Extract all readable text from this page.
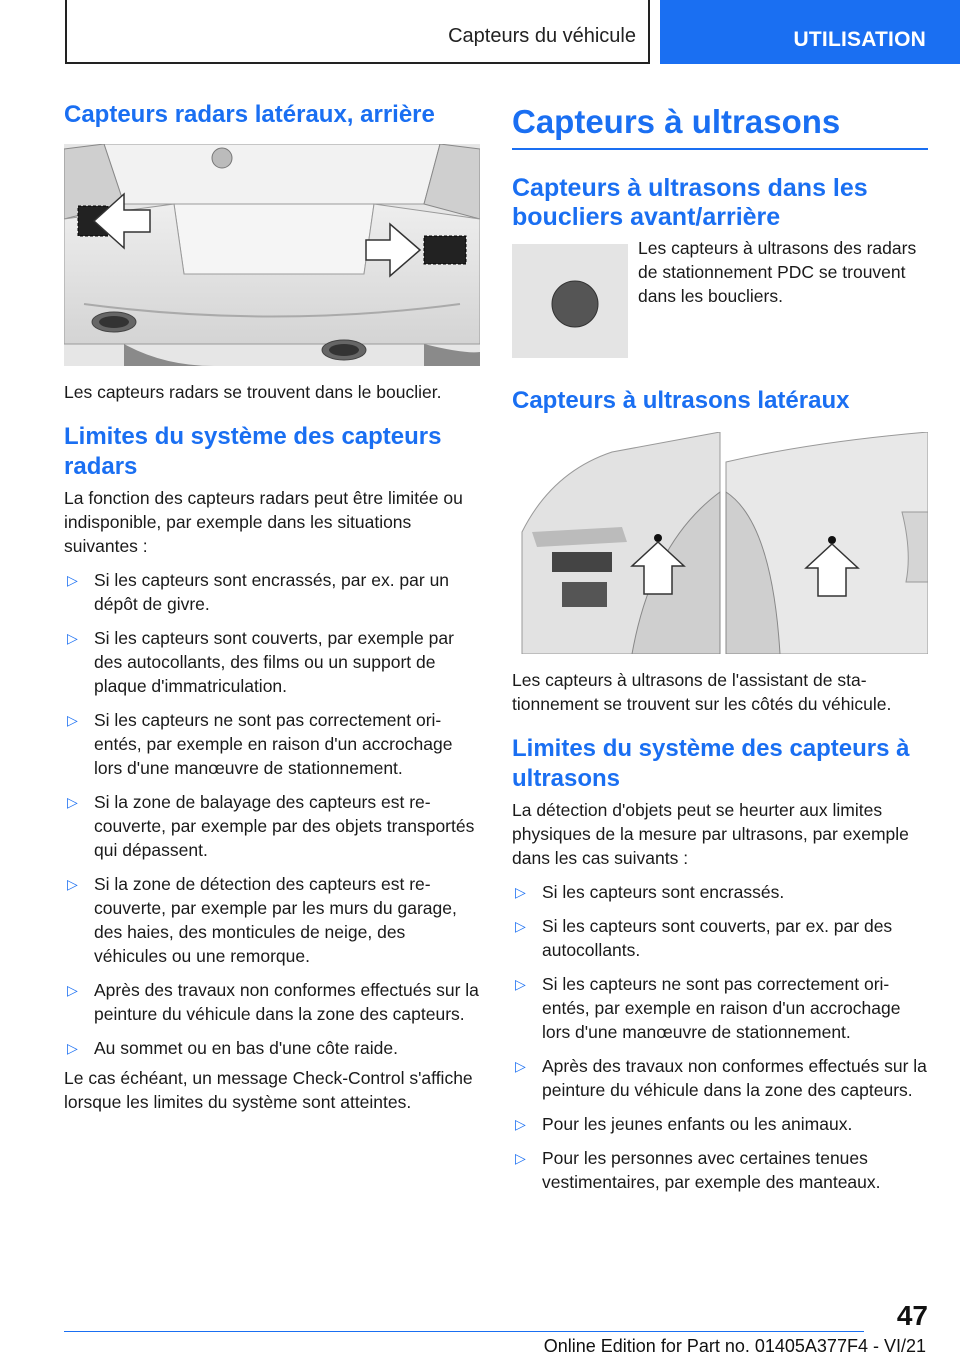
Capteurs du véhicule	UTILISATION
Capteurs radars latéraux, arrière

Les capteurs radars se trouvent dans le bouclier.

Limites du système des capteurs radars

La fonction des capteurs radars peut être limitée ou indisponible, par exemple dans les situations suivantes :

▷ Si les capteurs sont encrassés, par ex. par un dépôt de givre.
▷ Si les capteurs sont couverts, par exemple par des autocollants, des films ou un support de plaque d'immatriculation.
▷ Si les capteurs ne sont pas correctement orientés, par exemple en raison d'un accrochage lors d'une manœuvre de stationnement.
▷ Si la zone de balayage des capteurs est recouverte, par exemple par des objets transportés qui dépassent.
▷ Si la zone de détection des capteurs est recouverte, par exemple par les murs du garage, des haies, des monticules de neige, des véhicules ou une remorque.
▷ Après des travaux non conformes effectués sur la peinture du véhicule dans la zone des capteurs.
▷ Au sommet ou en bas d'une côte raide.

Le cas échéant, un message Check-Control s'affiche lorsque les limites du système sont atteintes.

Capteurs à ultrasons
Capteurs à ultrasons dans les boucliers avant/arrière

Les capteurs à ultrasons des radars de stationnement PDC se trouvent dans les boucliers.

Capteurs à ultrasons latéraux

Les capteurs à ultrasons de l'assistant de stationnement se trouvent sur les côtés du véhicule.

Limites du système des capteurs à ultrasons

La détection d'objets peut se heurter aux limites physiques de la mesure par ultrasons, par exemple dans les cas suivants :

▷ Si les capteurs sont encrassés.
▷ Si les capteurs sont couverts, par ex. par des autocollants.
▷ Si les capteurs ne sont pas correctement orientés, par exemple en raison d'un accrochage lors d'une manœuvre de stationnement.
▷ Après des travaux non conformes effectués sur la peinture du véhicule dans la zone des capteurs.
▷ Pour les jeunes enfants ou les animaux.
▷ Pour les personnes avec certaines tenues vestimentaires, par exemple des manteaux.
47
Online Edition for Part no. 01405A377F4 - VI/21
